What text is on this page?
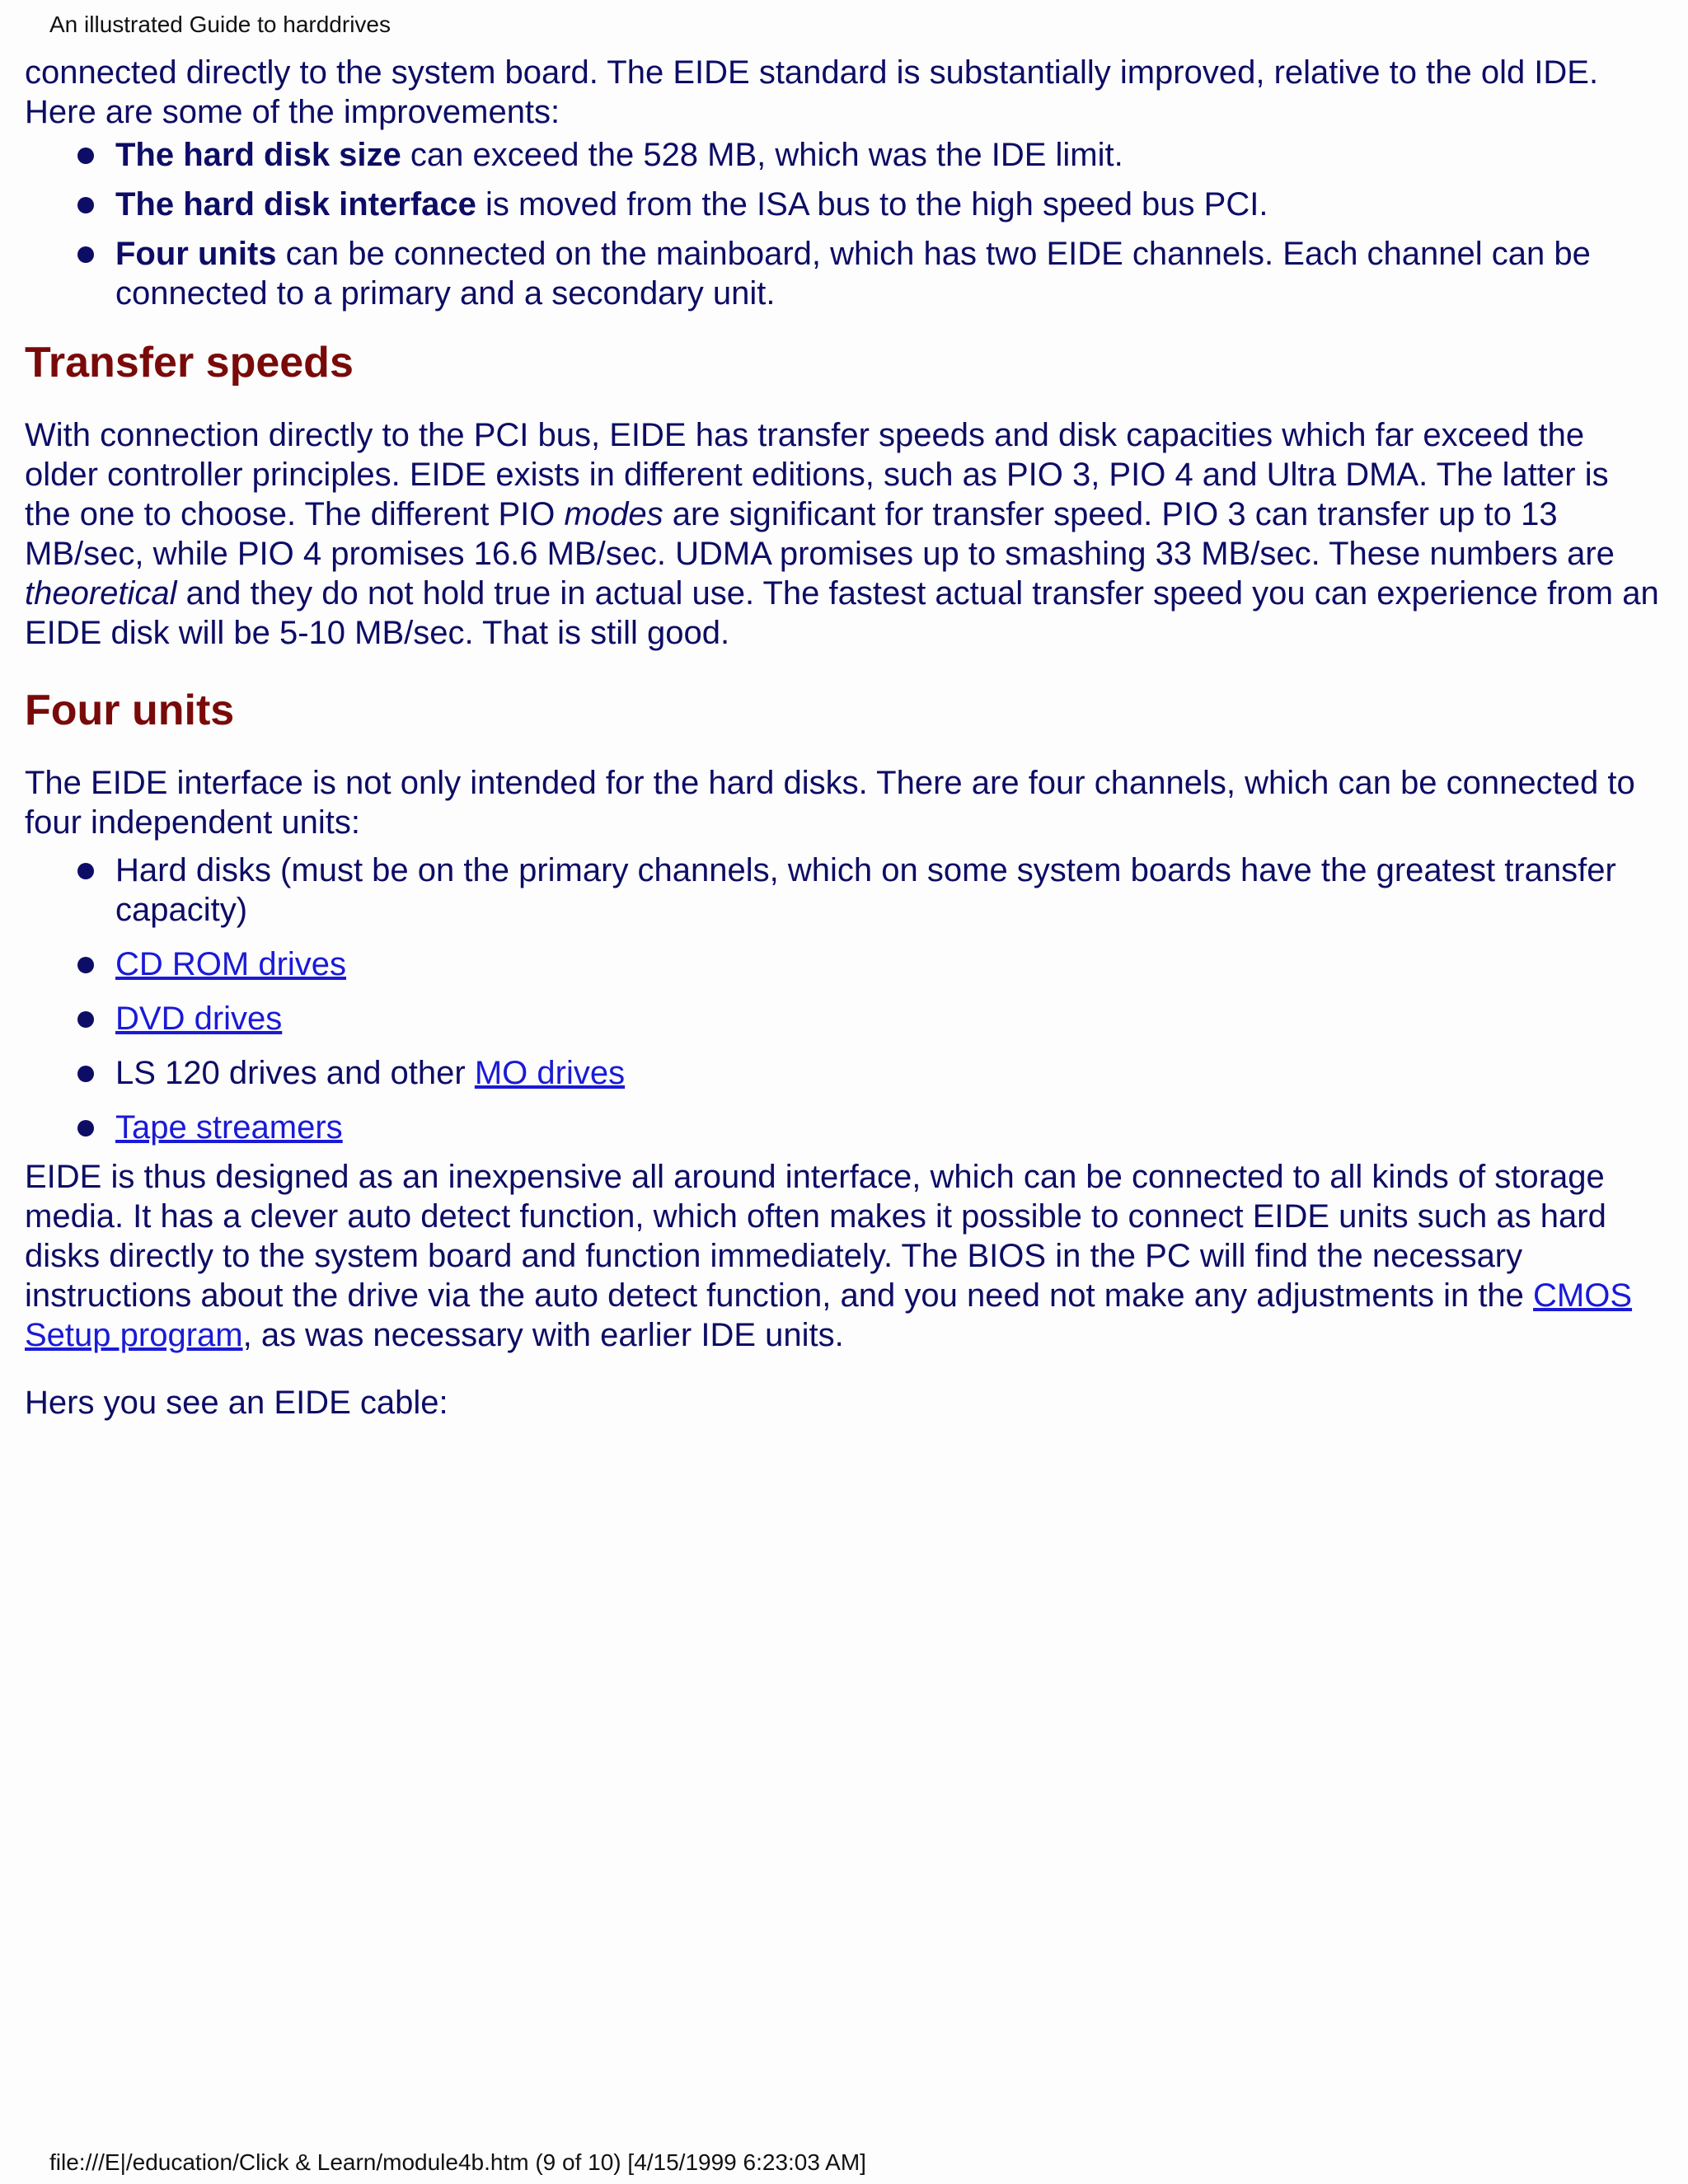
An illustrated Guide to harddrives

connected directly to the system board. The EIDE standard is substantially improved, relative to the old IDE. Here are some of the improvements:

The hard disk size can exceed the 528 MB, which was the IDE limit.
The hard disk interface is moved from the ISA bus to the high speed bus PCI.
Four units can be connected on the mainboard, which has two EIDE channels. Each channel can be connected to a primary and a secondary unit.
Transfer speeds

With connection directly to the PCI bus, EIDE has transfer speeds and disk capacities which far exceed the older controller principles. EIDE exists in different editions, such as PIO 3, PIO 4 and Ultra DMA. The latter is the one to choose. The different PIO modes are significant for transfer speed. PIO 3 can transfer up to 13 MB/sec, while PIO 4 promises 16.6 MB/sec. UDMA promises up to smashing 33 MB/sec. These numbers are theoretical and they do not hold true in actual use. The fastest actual transfer speed you can experience from an EIDE disk will be 5-10 MB/sec. That is still good.

Four units

The EIDE interface is not only intended for the hard disks. There are four channels, which can be connected to four independent units:

Hard disks (must be on the primary channels, which on some system boards have the greatest transfer capacity)
CD ROM drives
DVD drives
LS 120 drives and other MO drives
Tape streamers

EIDE is thus designed as an inexpensive all around interface, which can be connected to all kinds of storage media. It has a clever auto detect function, which often makes it possible to connect EIDE units such as hard disks directly to the system board and function immediately. The BIOS in the PC will find the necessary instructions about the drive via the auto detect function, and you need not make any adjustments in the CMOS Setup program, as was necessary with earlier IDE units.

Hers you see an EIDE cable:

file:///E|/education/Click & Learn/module4b.htm (9 of 10) [4/15/1999 6:23:03 AM]
